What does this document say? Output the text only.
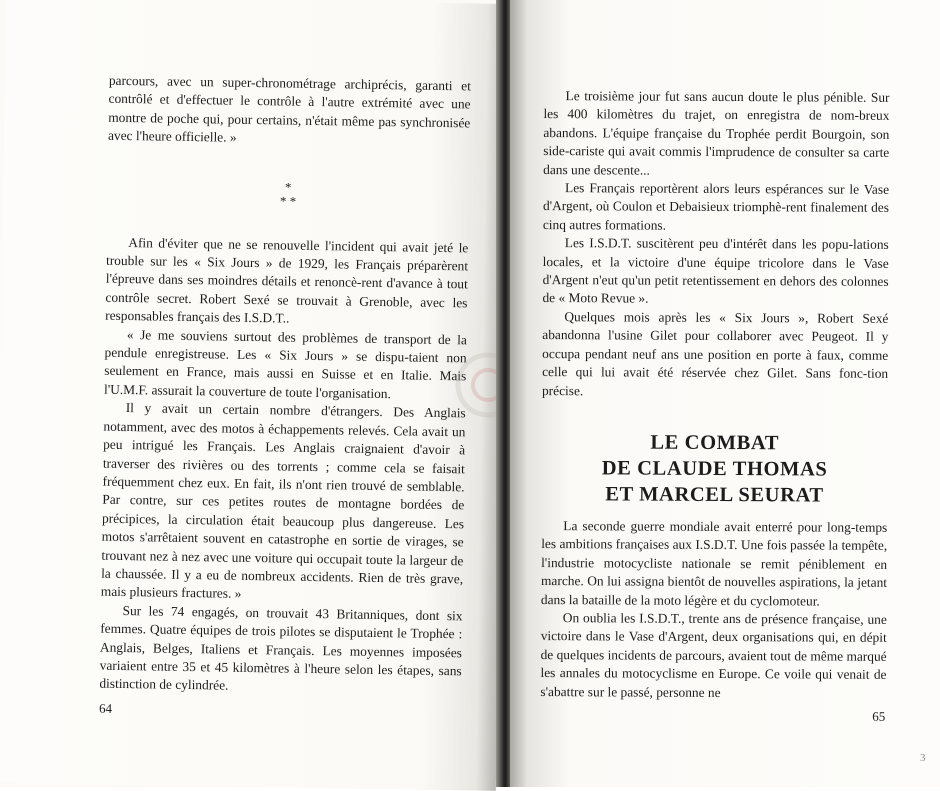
parcours, avec un super-chronométrage archiprécis, garanti et contrôlé et d'effectuer le contrôle à l'autre extrémité avec une montre de poche qui, pour certains, n'était même pas synchronisée avec l'heure officielle. »

*
* *

Afin d'éviter que ne se renouvelle l'incident qui avait jeté le trouble sur les « Six Jours » de 1929, les Français préparèrent l'épreuve dans ses moindres détails et renoncè-rent d'avance à tout contrôle secret. Robert Sexé se trouvait à Grenoble, avec les responsables français des I.S.D.T..

« Je me souviens surtout des problèmes de transport de la pendule enregistreuse. Les « Six Jours » se dispu-taient non seulement en France, mais aussi en Suisse et en Italie. Mais l'U.M.F. assurait la couverture de toute l'organisation.

Il y avait un certain nombre d'étrangers. Des Anglais notamment, avec des motos à échappements relevés. Cela avait un peu intrigué les Français. Les Anglais craignaient d'avoir à traverser des rivières ou des torrents ; comme cela se faisait fréquemment chez eux. En fait, ils n'ont rien trouvé de semblable. Par contre, sur ces petites routes de montagne bordées de précipices, la circulation était beaucoup plus dangereuse. Les motos s'arrêtaient souvent en catastrophe en sortie de virages, se trouvant nez à nez avec une voiture qui occupait toute la largeur de la chaussée. Il y a eu de nombreux accidents. Rien de très grave, mais plusieurs fractures. »

Sur les 74 engagés, on trouvait 43 Britanniques, dont six femmes. Quatre équipes de trois pilotes se disputaient le Trophée : Anglais, Belges, Italiens et Français. Les moyennes imposées variaient entre 35 et 45 kilomètres à l'heure selon les étapes, sans distinction de cylindrée.

64

Le troisième jour fut sans aucun doute le plus pénible. Sur les 400 kilomètres du trajet, on enregistra de nom-breux abandons. L'équipe française du Trophée perdit Bourgoin, son side-cariste qui avait commis l'imprudence de consulter sa carte dans une descente...

Les Français reportèrent alors leurs espérances sur le Vase d'Argent, où Coulon et Debaisieux triomphè-rent finalement des cinq autres formations.

Les I.S.D.T. suscitèrent peu d'intérêt dans les popu-lations locales, et la victoire d'une équipe tricolore dans le Vase d'Argent n'eut qu'un petit retentissement en dehors des colonnes de « Moto Revue ».

Quelques mois après les « Six Jours », Robert Sexé abandonna l'usine Gilet pour collaborer avec Peugeot. Il y occupa pendant neuf ans une position en porte à faux, comme celle qui lui avait été réservée chez Gilet. Sans fonc-tion précise.

LE COMBAT
DE CLAUDE THOMAS
ET MARCEL SEURAT

La seconde guerre mondiale avait enterré pour long-temps les ambitions françaises aux I.S.D.T. Une fois passée la tempête, l'industrie motocycliste nationale se remit péniblement en marche. On lui assigna bientôt de nouvelles aspirations, la jetant dans la bataille de la moto légère et du cyclomoteur.

On oublia les I.S.D.T., trente ans de présence française, une victoire dans le Vase d'Argent, deux organisations qui, en dépit de quelques incidents de parcours, avaient tout de même marqué les annales du motocyclisme en Europe. Ce voile qui venait de s'abattre sur le passé, personne ne

65
3
